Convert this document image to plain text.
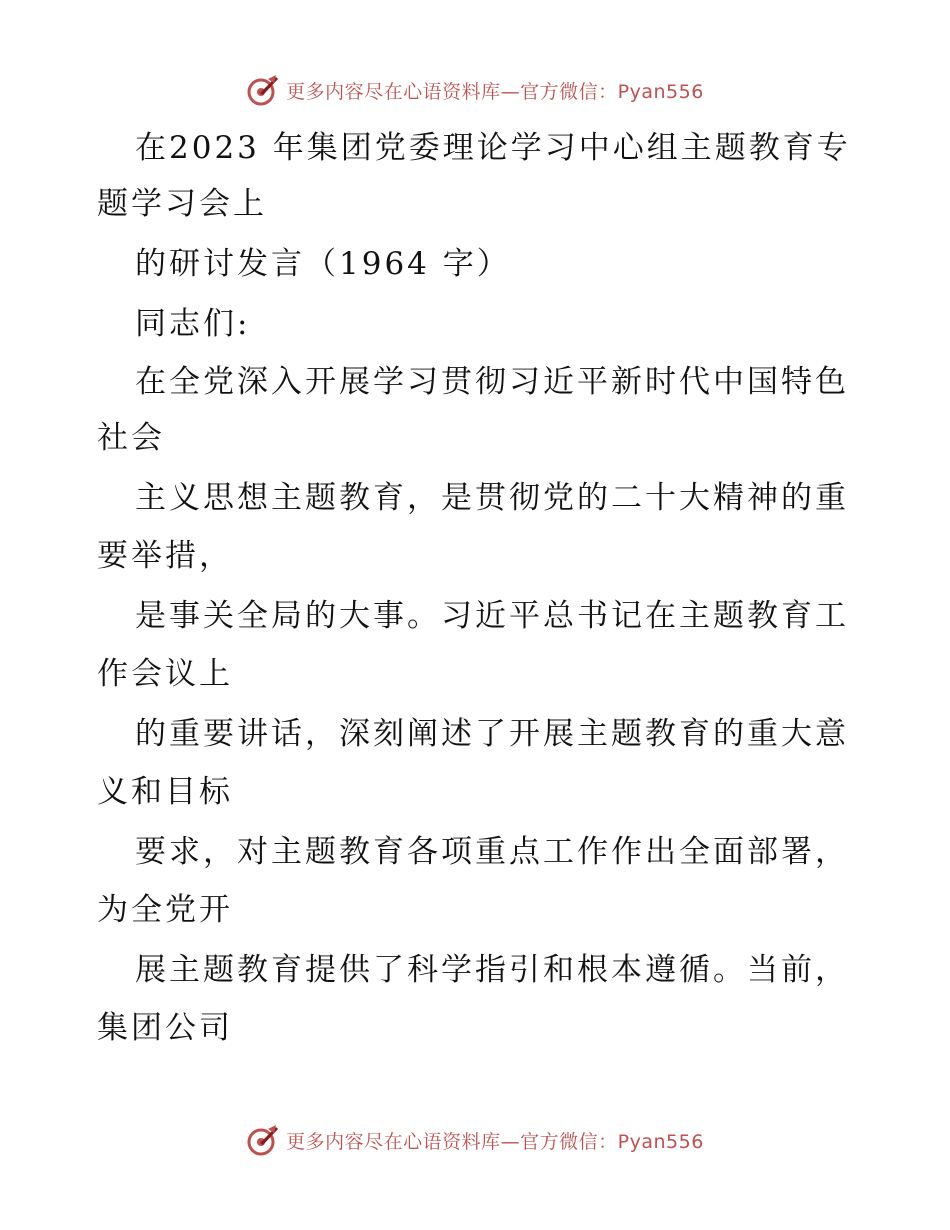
更多内容尽在心语资料库—官方微信：Pyan556
在2023 年集团党委理论学习中心组主题教育专
题学习会上
的研讨发言（1964 字）
同志们:
在全党深入开展学习贯彻习近平新时代中国特色
社会
主义思想主题教育，是贯彻党的二十大精神的重
要举措，
是事关全局的大事。习近平总书记在主题教育工
作会议上
的重要讲话，深刻阐述了开展主题教育的重大意
义和目标
要求，对主题教育各项重点工作作出全面部署，
为全党开
展主题教育提供了科学指引和根本遵循。当前，
集团公司
更多内容尽在心语资料库—官方微信：Pyan556
